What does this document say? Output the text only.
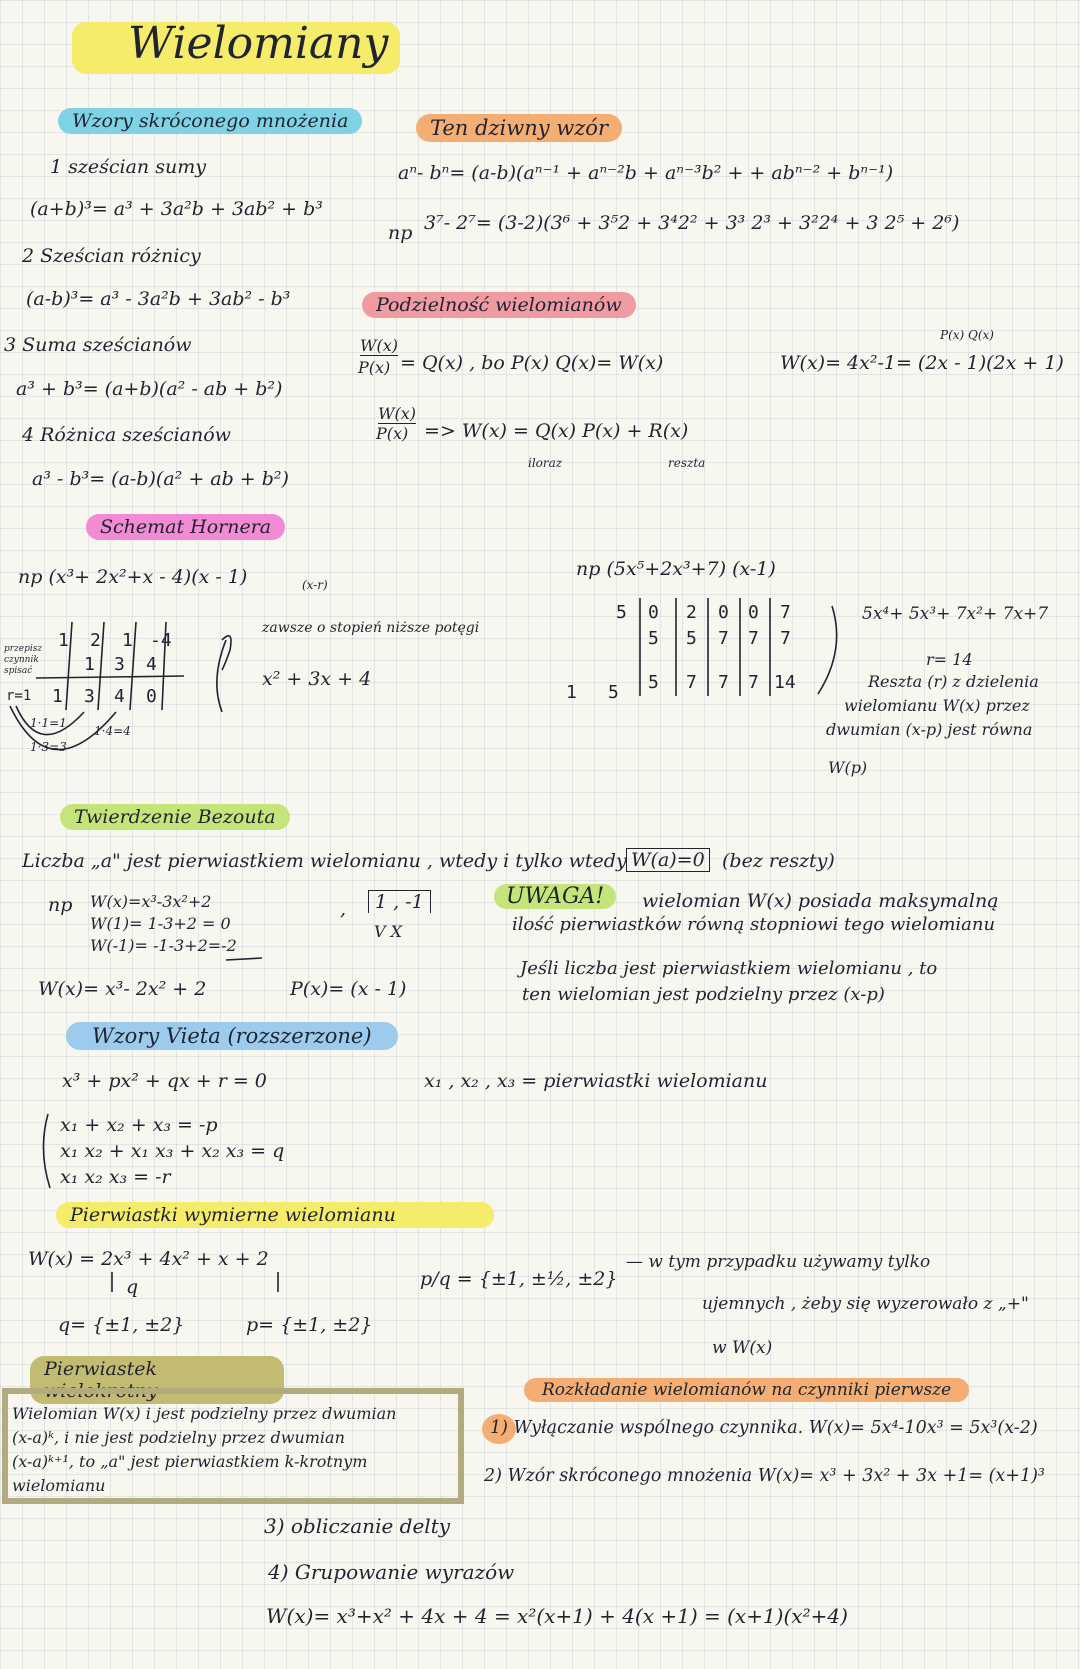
Wielomiany
Wzory skróconego mnożenia
1 sześcian sumy
(a+b)³= a³ + 3a²b + 3ab² + b³
2 Sześcian różnicy
(a-b)³= a³ - 3a²b + 3ab² - b³
3 Suma sześcianów
a³ + b³= (a+b)(a² - ab + b²)
4 Różnica sześcianów
a³ - b³= (a-b)(a² + ab + b²)
Ten dziwny wzór
aⁿ- bⁿ= (a-b)(aⁿ⁻¹ + aⁿ⁻²b + aⁿ⁻³b² + + abⁿ⁻² + bⁿ⁻¹)
np 3⁷- 2⁷= (3-2)(3⁶ + 3⁵2 + 3⁴2² + 3³ 2³ + 3²2⁴ + 3 2⁵ + 2⁶)
Podzielność wielomianów
W(x)
P(x) = Q(x) , bo P(x) Q(x)= W(x)
P(x) Q(x)
W(x)= 4x²-1= (2x - 1)(2x + 1)
W(x)
P(x) => W(x) = Q(x) P(x) + R(x)
iloraz	reszta
Schemat Hornera
np (x³+ 2x²+x - 4)(x - 1)	(x-r)
zawsze o stopień niższe potęgi
x² + 3x + 4
przepisz
czynnik
spisać
1 2 1 -4
1 3 4
r=1 1 3 4 0
1·1=1
1·3=3
1·4=4
np (5x⁵+2x³+7) (x-1)
5 0 2 0 0 7
5 5 7 7 7
1 5 5 7 7 7 14
5x⁴+ 5x³+ 7x²+ 7x+7
r= 14
Reszta (r) z dzielenia
wielomianu W(x) przez
dwumian (x-p) jest równa
W(p)
Twierdzenie Bezouta
Liczba „a" jest pierwiastkiem wielomianu , wtedy i tylko wtedy W(a)=0 (bez reszty)
np W(x)=x³-3x²+2
W(1)= 1-3+2 = 0
W(-1)= -1-3+2=-2
,	1 , -1
V X
W(x)= x³- 2x² + 2	P(x)= (x - 1)
UWAGA!	wielomian W(x) posiada maksymalną
ilość pierwiastków równą stopniowi tego wielomianu
Jeśli liczba jest pierwiastkiem wielomianu , to
ten wielomian jest podzielny przez (x-p)
Wzory Vieta (rozszerzone)
x³ + px² + qx + r = 0	x₁ , x₂ , x₃ = pierwiastki wielomianu
x₁ + x₂ + x₃ = -p
x₁ x₂ + x₁ x₃ + x₂ x₃ = q
x₁ x₂ x₃ = -r
Pierwiastki wymierne wielomianu
W(x) = 2x³ + 4x² + x + 2
q
q= {±1, ±2}	p= {±1, ±2}
p/q = {±1, ±½, ±2}
— w tym przypadku używamy tylko
ujemnych , żeby się wyzerowało z „+"
w W(x)
Pierwiastek wielokrotny
Wielomian W(x) i jest podzielny przez dwumian
(x-a)ᵏ, i nie jest podzielny przez dwumian
(x-a)ᵏ⁺¹, to „a" jest pierwiastkiem k-krotnym
wielomianu
Rozkładanie wielomianów na czynniki pierwsze
1) Wyłączanie wspólnego czynnika. W(x)= 5x⁴-10x³ = 5x³(x-2)
2) Wzór skróconego mnożenia W(x)= x³ + 3x² + 3x +1= (x+1)³
3) obliczanie delty
4) Grupowanie wyrazów
W(x)= x³+x² + 4x + 4 = x²(x+1) + 4(x +1) = (x+1)(x²+4)
